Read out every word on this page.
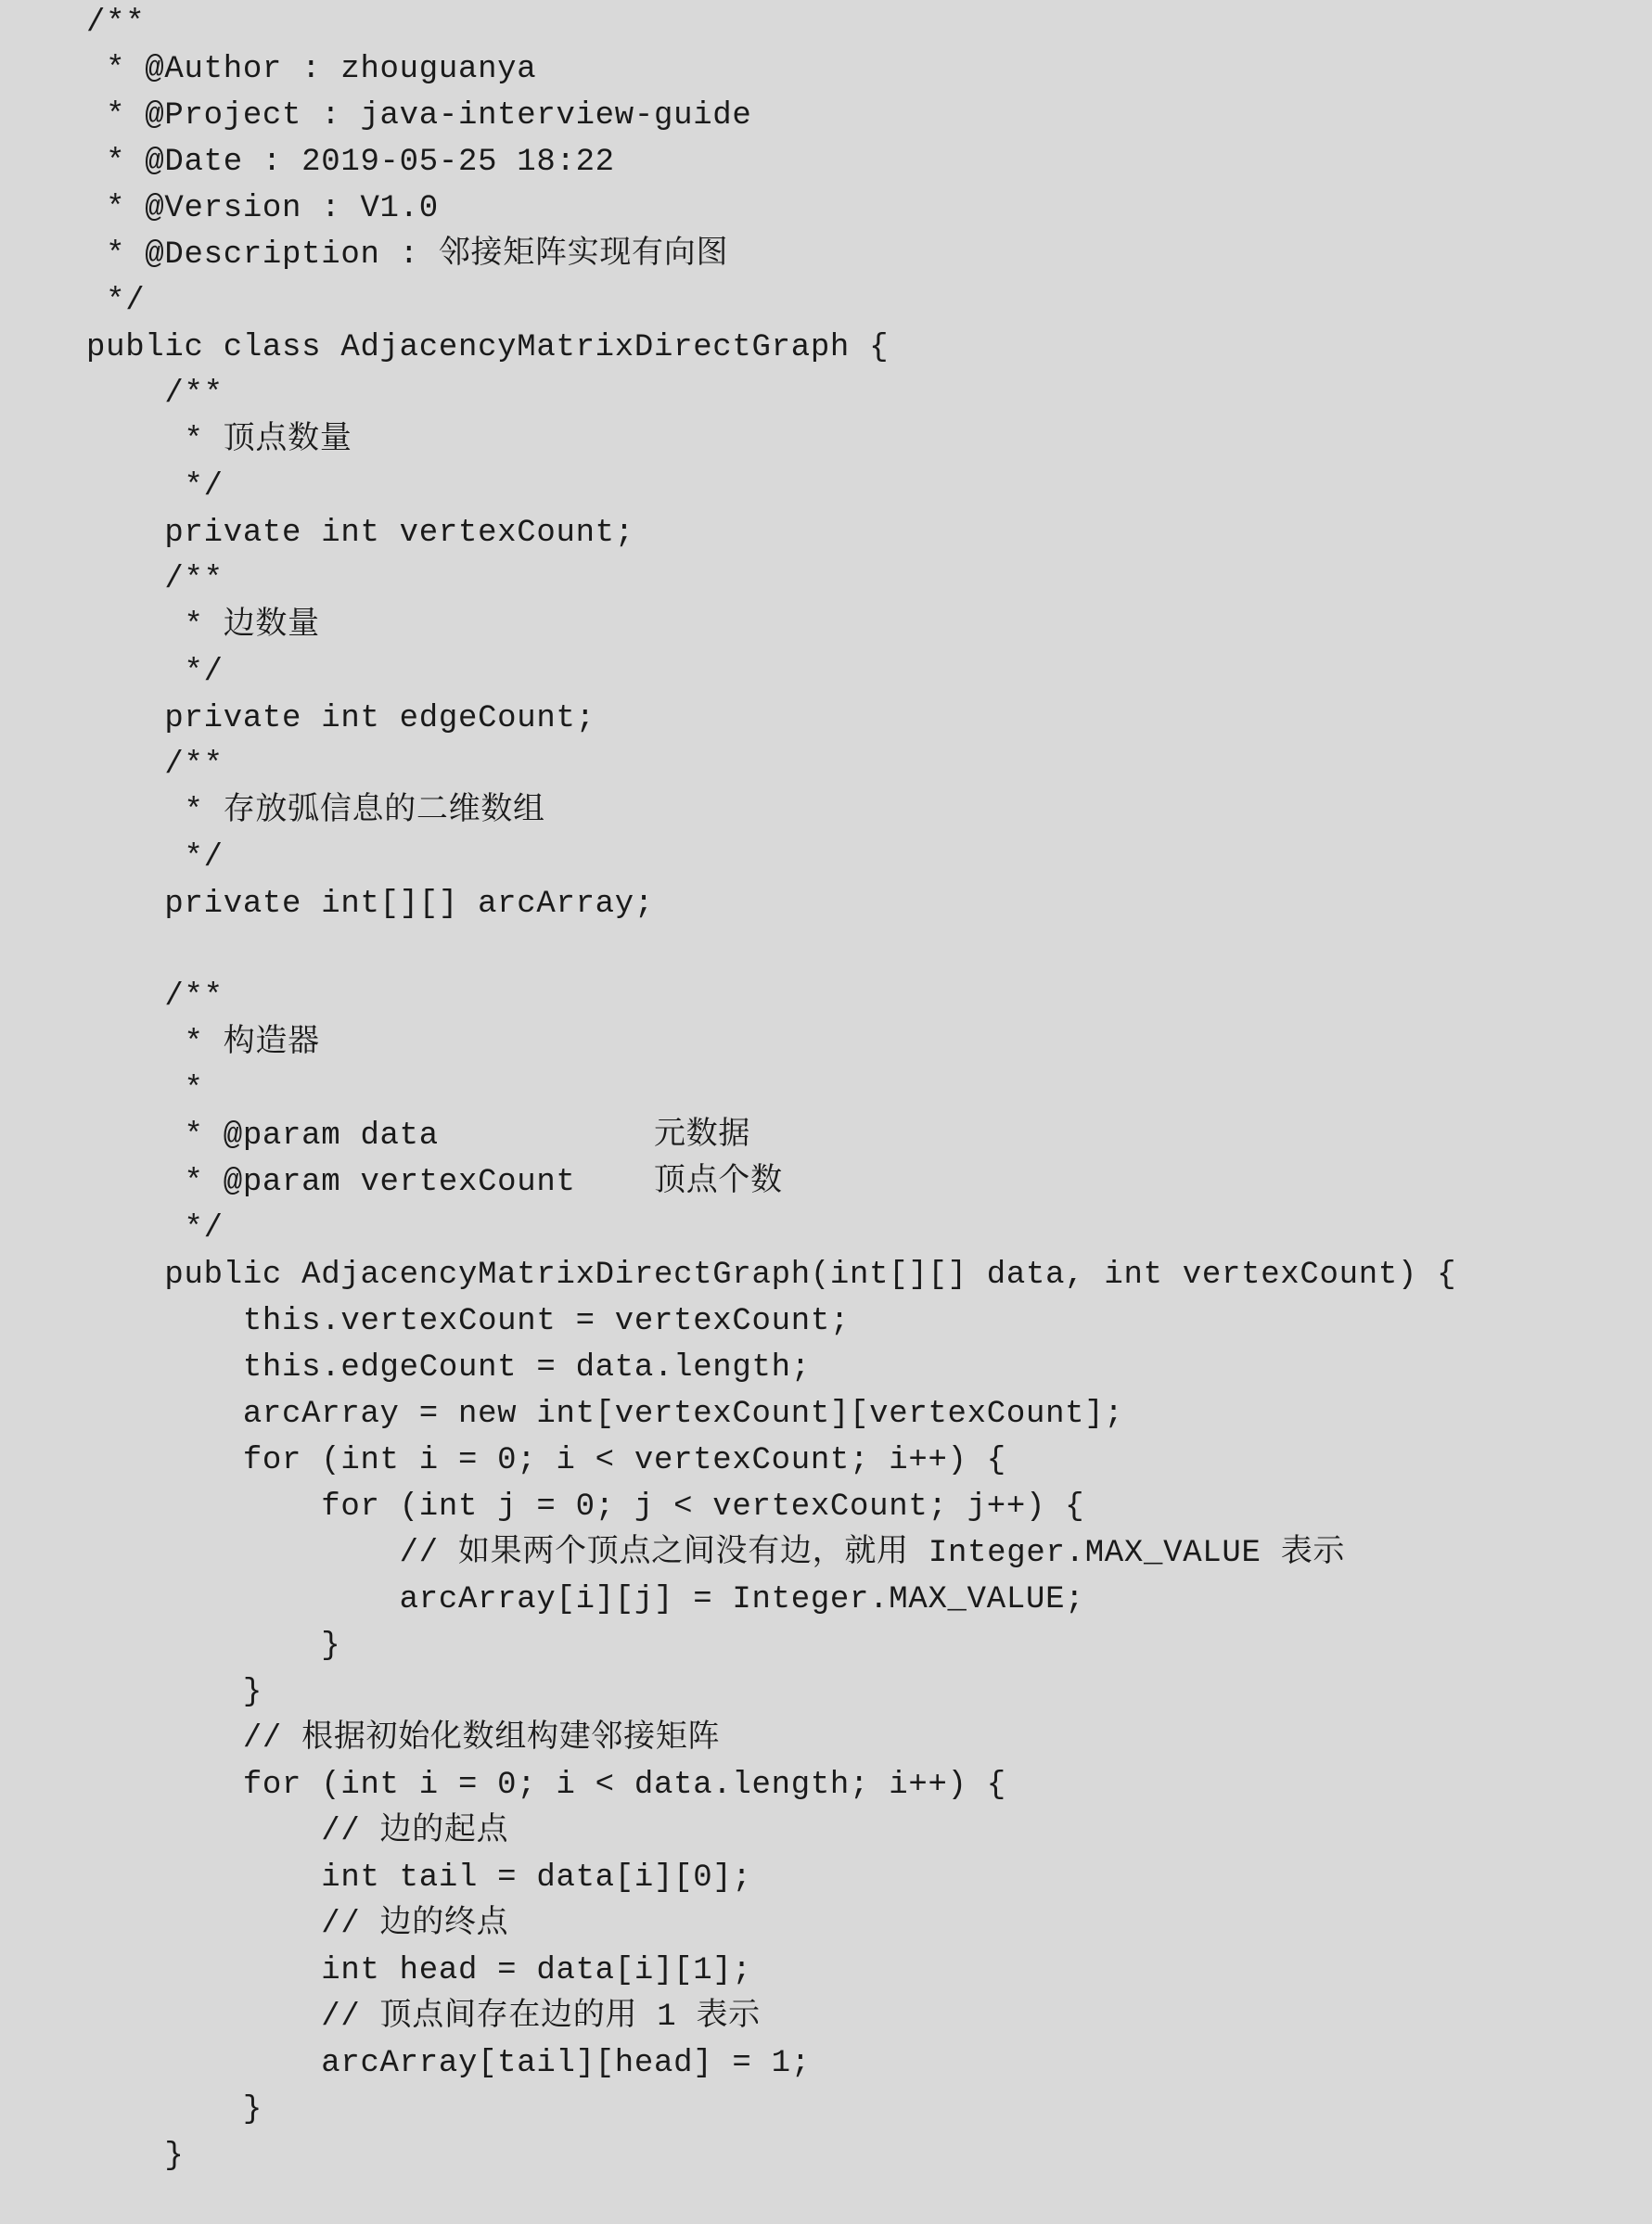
/**
* @Author : zhouguanya
* @Project : java-interview-guide
* @Date : 2019-05-25 18:22
* @Version : V1.0
* @Description : 邻接矩阵实现有向图
*/
public class AdjacencyMatrixDirectGraph {
/**
* 顶点数量
*/
private int vertexCount;
/**
* 边数量
*/
private int edgeCount;
/**
* 存放弧信息的二维数组
*/
private int[][] arcArray;
/**
* 构造器
*
* @param data           元数据
* @param vertexCount    顶点个数
*/
public AdjacencyMatrixDirectGraph(int[][] data, int vertexCount) {
this.vertexCount = vertexCount;
this.edgeCount = data.length;
arcArray = new int[vertexCount][vertexCount];
for (int i = 0; i < vertexCount; i++) {
for (int j = 0; j < vertexCount; j++) {
// 如果两个顶点之间没有边，就用 Integer.MAX_VALUE 表示
arcArray[i][j] = Integer.MAX_VALUE;
}
}
// 根据初始化数组构建邻接矩阵
for (int i = 0; i < data.length; i++) {
// 边的起点
int tail = data[i][0];
// 边的终点
int head = data[i][1];
// 顶点间存在边的用 1 表示
arcArray[tail][head] = 1;
}
}
